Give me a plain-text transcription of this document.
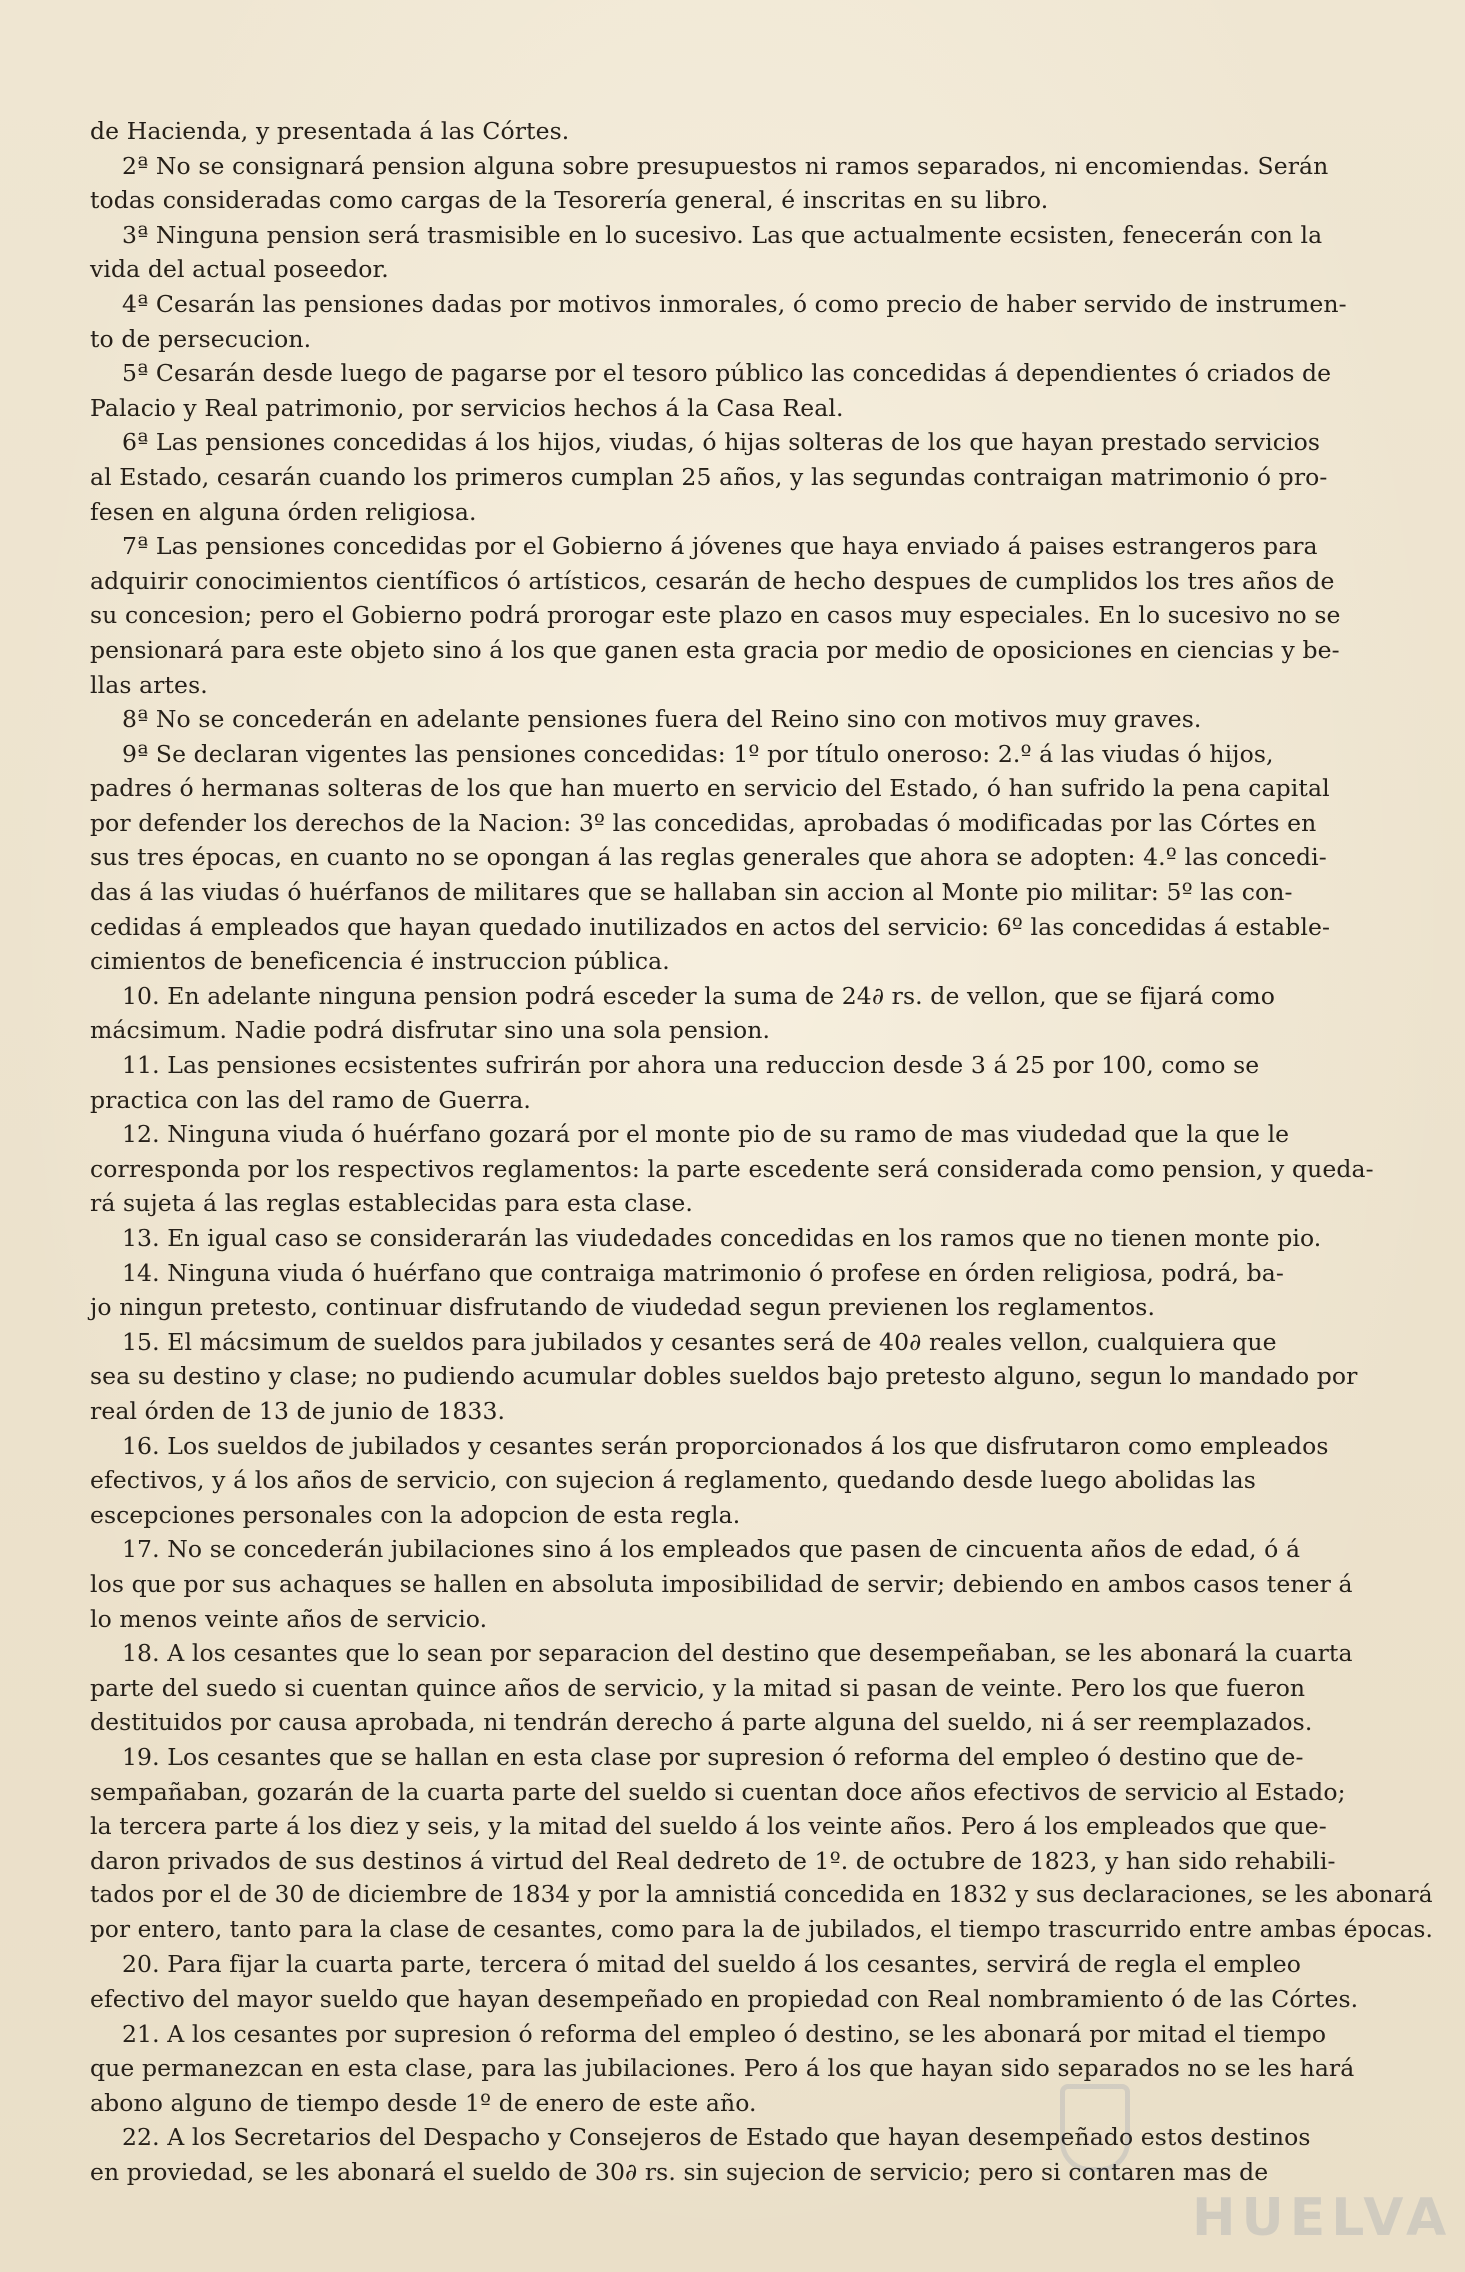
de Hacienda, y presentada á las Córtes.
2ª No se consignará pension alguna sobre presupuestos ni ramos separados, ni encomiendas. Serán
todas consideradas como cargas de la Tesorería general, é inscritas en su libro.
3ª Ninguna pension será trasmisible en lo sucesivo. Las que actualmente ecsisten, fenecerán con la
vida del actual poseedor.
4ª Cesarán las pensiones dadas por motivos inmorales, ó como precio de haber servido de instrumen-
to de persecucion.
5ª Cesarán desde luego de pagarse por el tesoro público las concedidas á dependientes ó criados de
Palacio y Real patrimonio, por servicios hechos á la Casa Real.
6ª Las pensiones concedidas á los hijos, viudas, ó hijas solteras de los que hayan prestado servicios
al Estado, cesarán cuando los primeros cumplan 25 años, y las segundas contraigan matrimonio ó pro-
fesen en alguna órden religiosa.
7ª Las pensiones concedidas por el Gobierno á jóvenes que haya enviado á paises estrangeros para
adquirir conocimientos científicos ó artísticos, cesarán de hecho despues de cumplidos los tres años de
su concesion; pero el Gobierno podrá prorogar este plazo en casos muy especiales. En lo sucesivo no se
pensionará para este objeto sino á los que ganen esta gracia por medio de oposiciones en ciencias y be-
llas artes.
8ª No se concederán en adelante pensiones fuera del Reino sino con motivos muy graves.
9ª Se declaran vigentes las pensiones concedidas: 1º por título oneroso: 2.º á las viudas ó hijos,
padres ó hermanas solteras de los que han muerto en servicio del Estado, ó han sufrido la pena capital
por defender los derechos de la Nacion: 3º las concedidas, aprobadas ó modificadas por las Córtes en
sus tres épocas, en cuanto no se opongan á las reglas generales que ahora se adopten: 4.º las concedi-
das á las viudas ó huérfanos de militares que se hallaban sin accion al Monte pio militar: 5º las con-
cedidas á empleados que hayan quedado inutilizados en actos del servicio: 6º las concedidas á estable-
cimientos de beneficencia é instruccion pública.
10. En adelante ninguna pension podrá esceder la suma de 24∂ rs. de vellon, que se fijará como
mácsimum. Nadie podrá disfrutar sino una sola pension.
11. Las pensiones ecsistentes sufrirán por ahora una reduccion desde 3 á 25 por 100, como se
practica con las del ramo de Guerra.
12. Ninguna viuda ó huérfano gozará por el monte pio de su ramo de mas viudedad que la que le
corresponda por los respectivos reglamentos: la parte escedente será considerada como pension, y queda-
rá sujeta á las reglas establecidas para esta clase.
13. En igual caso se considerarán las viudedades concedidas en los ramos que no tienen monte pio.
14. Ninguna viuda ó huérfano que contraiga matrimonio ó profese en órden religiosa, podrá, ba-
jo ningun pretesto, continuar disfrutando de viudedad segun previenen los reglamentos.
15. El mácsimum de sueldos para jubilados y cesantes será de 40∂ reales vellon, cualquiera que
sea su destino y clase; no pudiendo acumular dobles sueldos bajo pretesto alguno, segun lo mandado por
real órden de 13 de junio de 1833.
16. Los sueldos de jubilados y cesantes serán proporcionados á los que disfrutaron como empleados
efectivos, y á los años de servicio, con sujecion á reglamento, quedando desde luego abolidas las
escepciones personales con la adopcion de esta regla.
17. No se concederán jubilaciones sino á los empleados que pasen de cincuenta años de edad, ó á
los que por sus achaques se hallen en absoluta imposibilidad de servir; debiendo en ambos casos tener á
lo menos veinte años de servicio.
18. A los cesantes que lo sean por separacion del destino que desempeñaban, se les abonará la cuarta
parte del suedo si cuentan quince años de servicio, y la mitad si pasan de veinte. Pero los que fueron
destituidos por causa aprobada, ni tendrán derecho á parte alguna del sueldo, ni á ser reemplazados.
19. Los cesantes que se hallan en esta clase por supresion ó reforma del empleo ó destino que de-
sempañaban, gozarán de la cuarta parte del sueldo si cuentan doce años efectivos de servicio al Estado;
la tercera parte á los diez y seis, y la mitad del sueldo á los veinte años. Pero á los empleados que que-
daron privados de sus destinos á virtud del Real dedreto de 1º. de octubre de 1823, y han sido rehabili-
tados por el de 30 de diciembre de 1834 y por la amnistiá concedida en 1832 y sus declaraciones, se les abonará
por entero, tanto para la clase de cesantes, como para la de jubilados, el tiempo trascurrido entre ambas épocas.
20. Para fijar la cuarta parte, tercera ó mitad del sueldo á los cesantes, servirá de regla el empleo
efectivo del mayor sueldo que hayan desempeñado en propiedad con Real nombramiento ó de las Córtes.
21. A los cesantes por supresion ó reforma del empleo ó destino, se les abonará por mitad el tiempo
que permanezcan en esta clase, para las jubilaciones. Pero á los que hayan sido separados no se les hará
abono alguno de tiempo desde 1º de enero de este año.
22. A los Secretarios del Despacho y Consejeros de Estado que hayan desempeñado estos destinos
en proviedad, se les abonará el sueldo de 30∂ rs. sin sujecion de servicio; pero si contaren mas de
HUELVA
